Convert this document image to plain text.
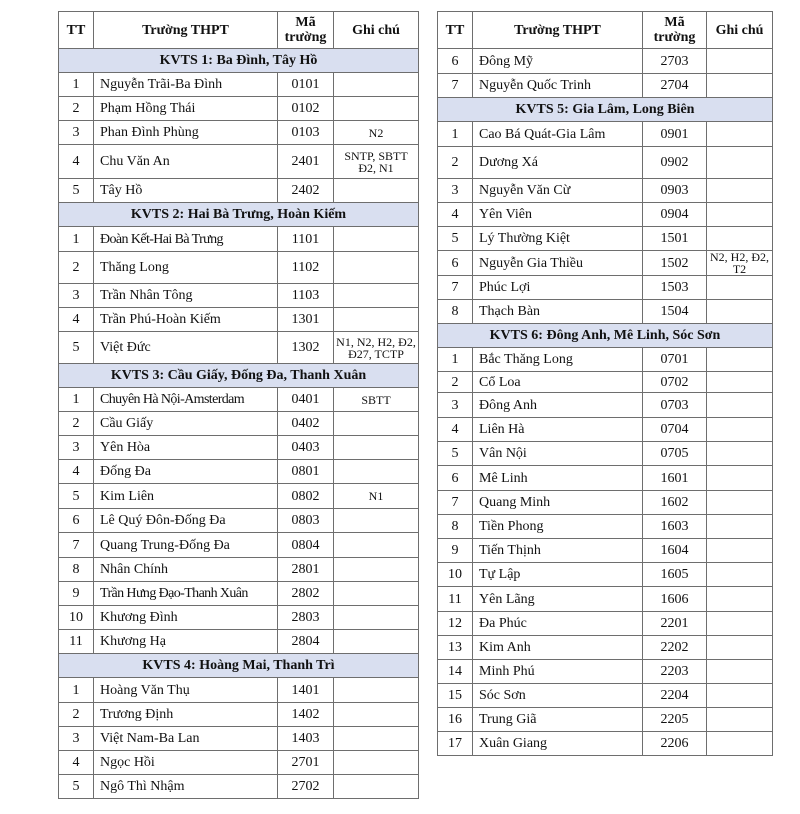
TT	Trường THPT	Mã trường	Ghi chú
KVTS 1: Ba Đình, Tây Hồ			
1	Nguyễn Trãi-Ba Đình	0101	
2	Phạm Hồng Thái	0102	
3	Phan Đình Phùng	0103	N2
4	Chu Văn An	2401	SNTP, SBTT Đ2, N1
5	Tây Hồ	2402	
KVTS 2: Hai Bà Trưng, Hoàn Kiếm			
1	Đoàn Kết-Hai Bà Trưng	1101	
2	Thăng Long	1102	
3	Trần Nhân Tông	1103	
4	Trần Phú-Hoàn Kiếm	1301	
5	Việt Đức	1302	N1, N2, H2, Đ2, Đ27, TCTP
KVTS 3: Cầu Giấy, Đống Đa, Thanh Xuân			
1	Chuyên Hà Nội-Amsterdam	0401	SBTT
2	Cầu Giấy	0402	
3	Yên Hòa	0403	
4	Đống Đa	0801	
5	Kim Liên	0802	N1
6	Lê Quý Đôn-Đống Đa	0803	
7	Quang Trung-Đống Đa	0804	
8	Nhân Chính	2801	
9	Trần Hưng Đạo-Thanh Xuân	2802	
10	Khương Đình	2803	
11	Khương Hạ	2804	
KVTS 4: Hoàng Mai, Thanh Trì			
1	Hoàng Văn Thụ	1401	
2	Trương Định	1402	
3	Việt Nam-Ba Lan	1403	
4	Ngọc Hồi	2701	
5	Ngô Thì Nhậm	2702	
TT	Trường THPT	Mã trường	Ghi chú
6	Đông Mỹ	2703	
7	Nguyễn Quốc Trinh	2704	
KVTS 5: Gia Lâm, Long Biên			
1	Cao Bá Quát-Gia Lâm	0901	
2	Dương Xá	0902	
3	Nguyễn Văn Cừ	0903	
4	Yên Viên	0904	
5	Lý Thường Kiệt	1501	
6	Nguyễn Gia Thiều	1502	N2, H2, Đ2, T2
7	Phúc Lợi	1503	
8	Thạch Bàn	1504	
KVTS 6: Đông Anh, Mê Linh, Sóc Sơn			
1	Bắc Thăng Long	0701	
2	Cổ Loa	0702	
3	Đông Anh	0703	
4	Liên Hà	0704	
5	Vân Nội	0705	
6	Mê Linh	1601	
7	Quang Minh	1602	
8	Tiền Phong	1603	
9	Tiến Thịnh	1604	
10	Tự Lập	1605	
11	Yên Lãng	1606	
12	Đa Phúc	2201	
13	Kim Anh	2202	
14	Minh Phú	2203	
15	Sóc Sơn	2204	
16	Trung Giã	2205	
17	Xuân Giang	2206	
